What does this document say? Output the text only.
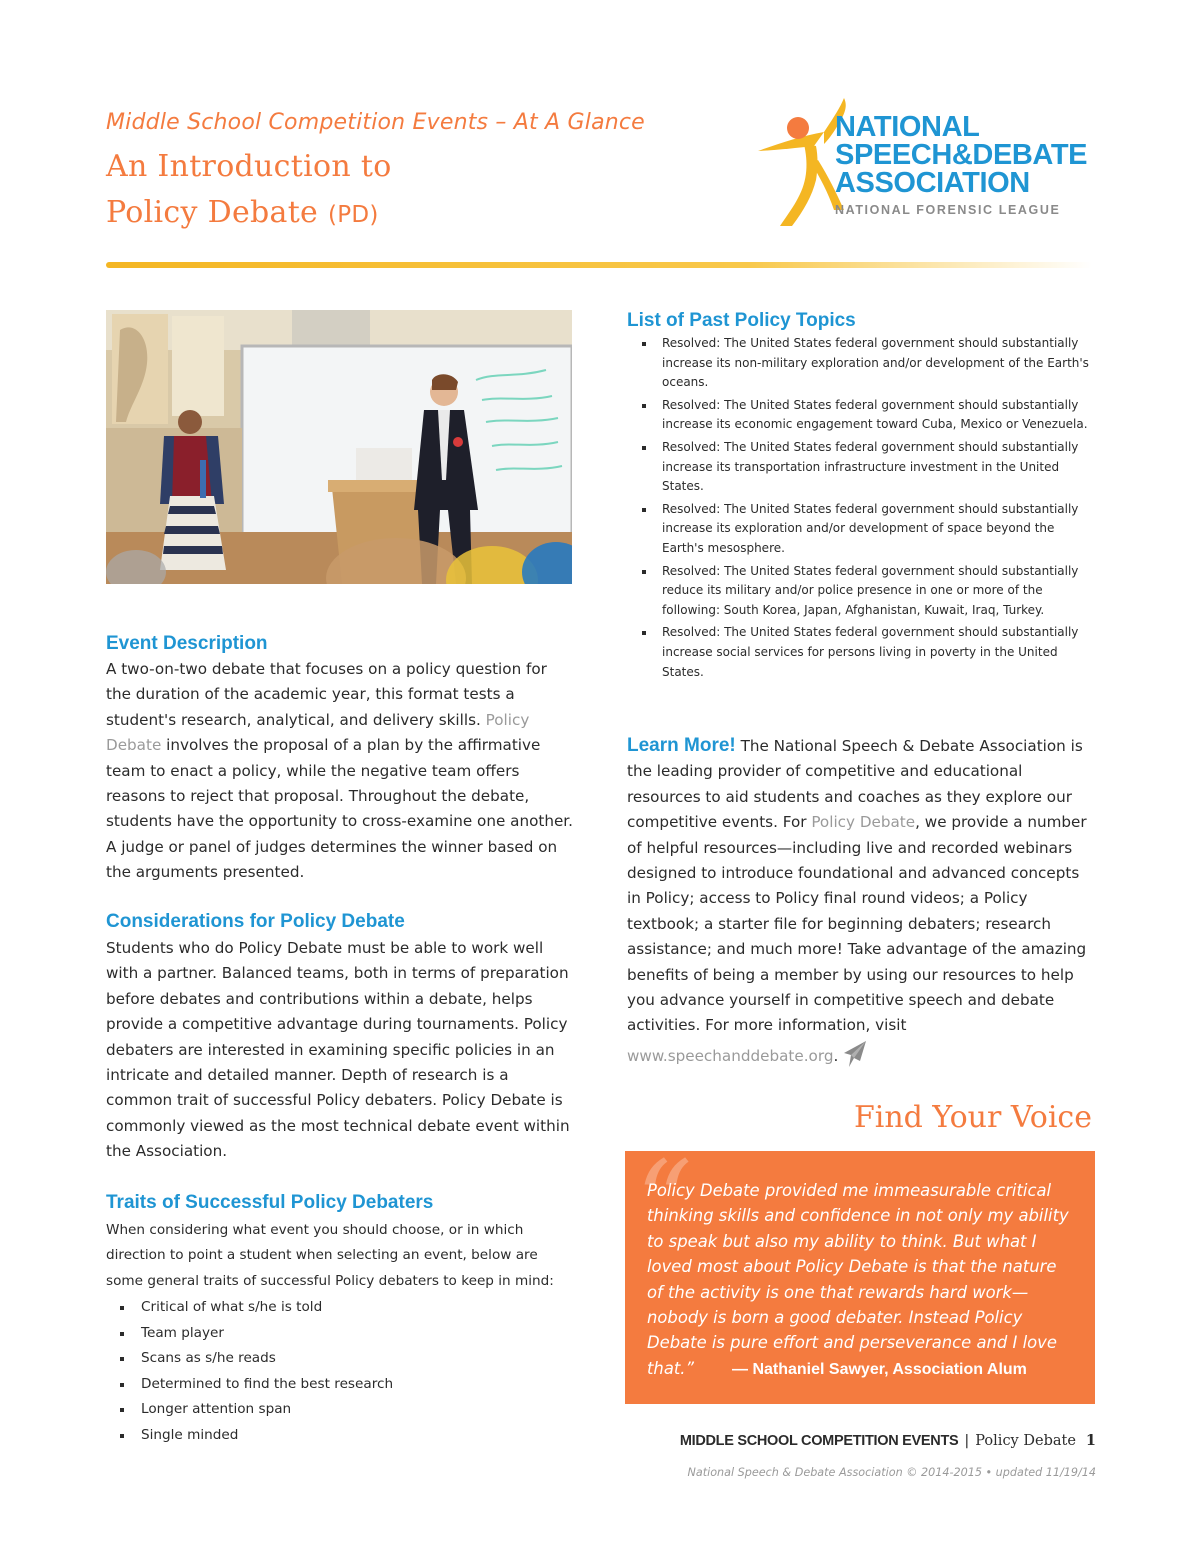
Middle School Competition Events – At A Glance
An Introduction to
Policy Debate (PD)
NATIONAL
SPEECH&DEBATE
ASSOCIATION
NATIONAL FORENSIC LEAGUE
Event Description
A two-on-two debate that focuses on a policy question for the duration of the academic year, this format tests a student's research, analytical, and delivery skills. Policy Debate involves the proposal of a plan by the affirmative team to enact a policy, while the negative team offers reasons to reject that proposal. Throughout the debate, students have the opportunity to cross-examine one another. A judge or panel of judges determines the winner based on the arguments presented.
Considerations for Policy Debate
Students who do Policy Debate must be able to work well with a partner. Balanced teams, both in terms of preparation before debates and contributions within a debate, helps provide a competitive advantage during tournaments. Policy debaters are interested in examining specific policies in an intricate and detailed manner. Depth of research is a common trait of successful Policy debaters. Policy Debate is commonly viewed as the most technical debate event within the Association.
Traits of Successful Policy Debaters
When considering what event you should choose, or in which direction to point a student when selecting an event, below are some general traits of successful Policy debaters to keep in mind:
Critical of what s/he is told
Team player
Scans as s/he reads
Determined to find the best research
Longer attention span
Single minded
List of Past Policy Topics
Resolved: The United States federal government should substantially increase its non-military exploration and/or development of the Earth's oceans.
Resolved: The United States federal government should substantially increase its economic engagement toward Cuba, Mexico or Venezuela.
Resolved: The United States federal government should substantially increase its transportation infrastructure investment in the United States.
Resolved: The United States federal government should substantially increase its exploration and/or development of space beyond the Earth's mesosphere.
Resolved: The United States federal government should substantially reduce its military and/or police presence in one or more of the following: South Korea, Japan, Afghanistan, Kuwait, Iraq, Turkey.
Resolved: The United States federal government should substantially increase social services for persons living in poverty in the United States.
Learn More! The National Speech & Debate Association is the leading provider of competitive and educational resources to aid students and coaches as they explore our competitive events. For Policy Debate, we provide a number of helpful resources—including live and recorded webinars designed to introduce foundational and advanced concepts in Policy; access to Policy final round videos; a Policy textbook; a starter file for beginning debaters; research assistance; and much more! Take advantage of the amazing benefits of being a member by using our resources to help you advance yourself in competitive speech and debate activities. For more information, visit www.speechanddebate.org.
Find Your Voice
“
Policy Debate provided me immeasurable critical thinking skills and confidence in not only my ability to speak but also my ability to think. But what I loved most about Policy Debate is that the nature of the activity is one that rewards hard work—nobody is born a good debater. Instead Policy Debate is pure effort and perseverance and I love that.” — Nathaniel Sawyer, Association Alum
MIDDLE SCHOOL COMPETITION EVENTS | Policy Debate 1
National Speech & Debate Association © 2014-2015 • updated 11/19/14
